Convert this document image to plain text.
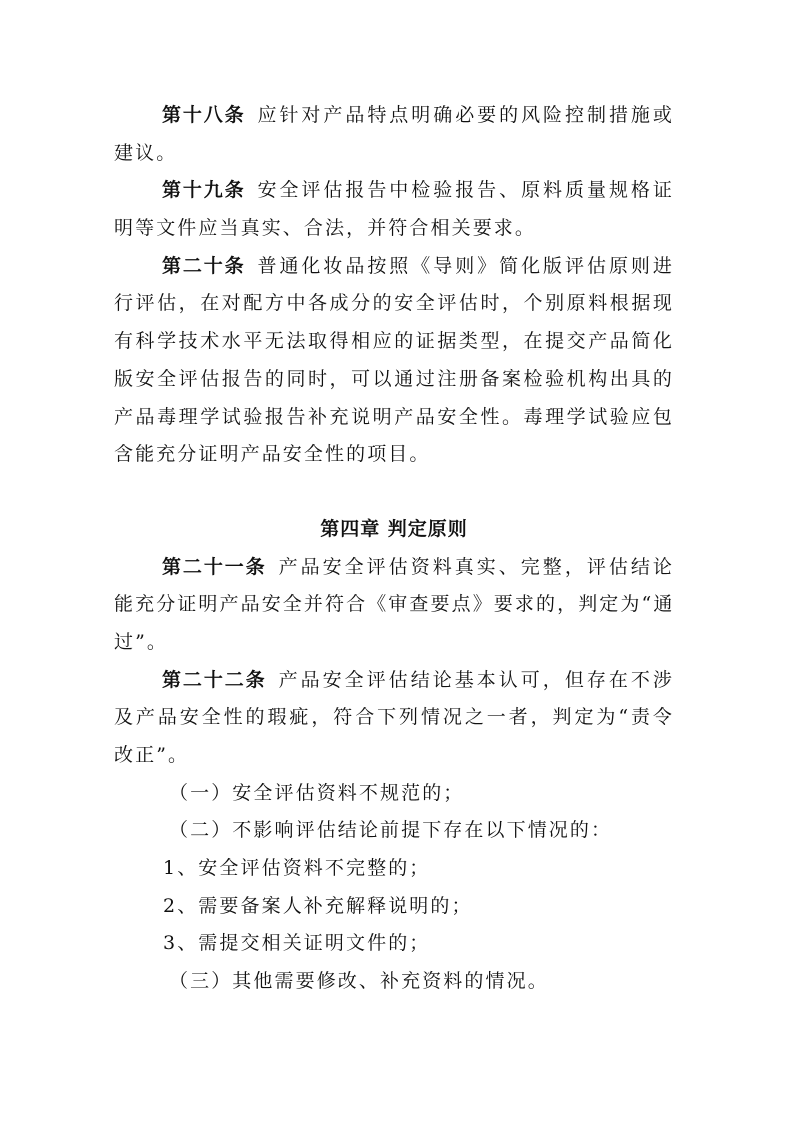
第十八条 应针对产品特点明确必要的风险控制措施或
建议。
第十九条 安全评估报告中检验报告、原料质量规格证
明等文件应当真实、合法，并符合相关要求。
第二十条 普通化妆品按照《导则》简化版评估原则进
行评估，在对配方中各成分的安全评估时，个别原料根据现
有科学技术水平无法取得相应的证据类型，在提交产品简化
版安全评估报告的同时，可以通过注册备案检验机构出具的
产品毒理学试验报告补充说明产品安全性。毒理学试验应包
含能充分证明产品安全性的项目。
第四章 判定原则
第二十一条 产品安全评估资料真实、完整，评估结论
能充分证明产品安全并符合《审查要点》要求的，判定为“通
过”。
第二十二条 产品安全评估结论基本认可，但存在不涉
及产品安全性的瑕疵，符合下列情况之一者，判定为“责令
改正”。
（一）安全评估资料不规范的；
（二）不影响评估结论前提下存在以下情况的：
1、安全评估资料不完整的；
2、需要备案人补充解释说明的；
3、需提交相关证明文件的；
（三）其他需要修改、补充资料的情况。
